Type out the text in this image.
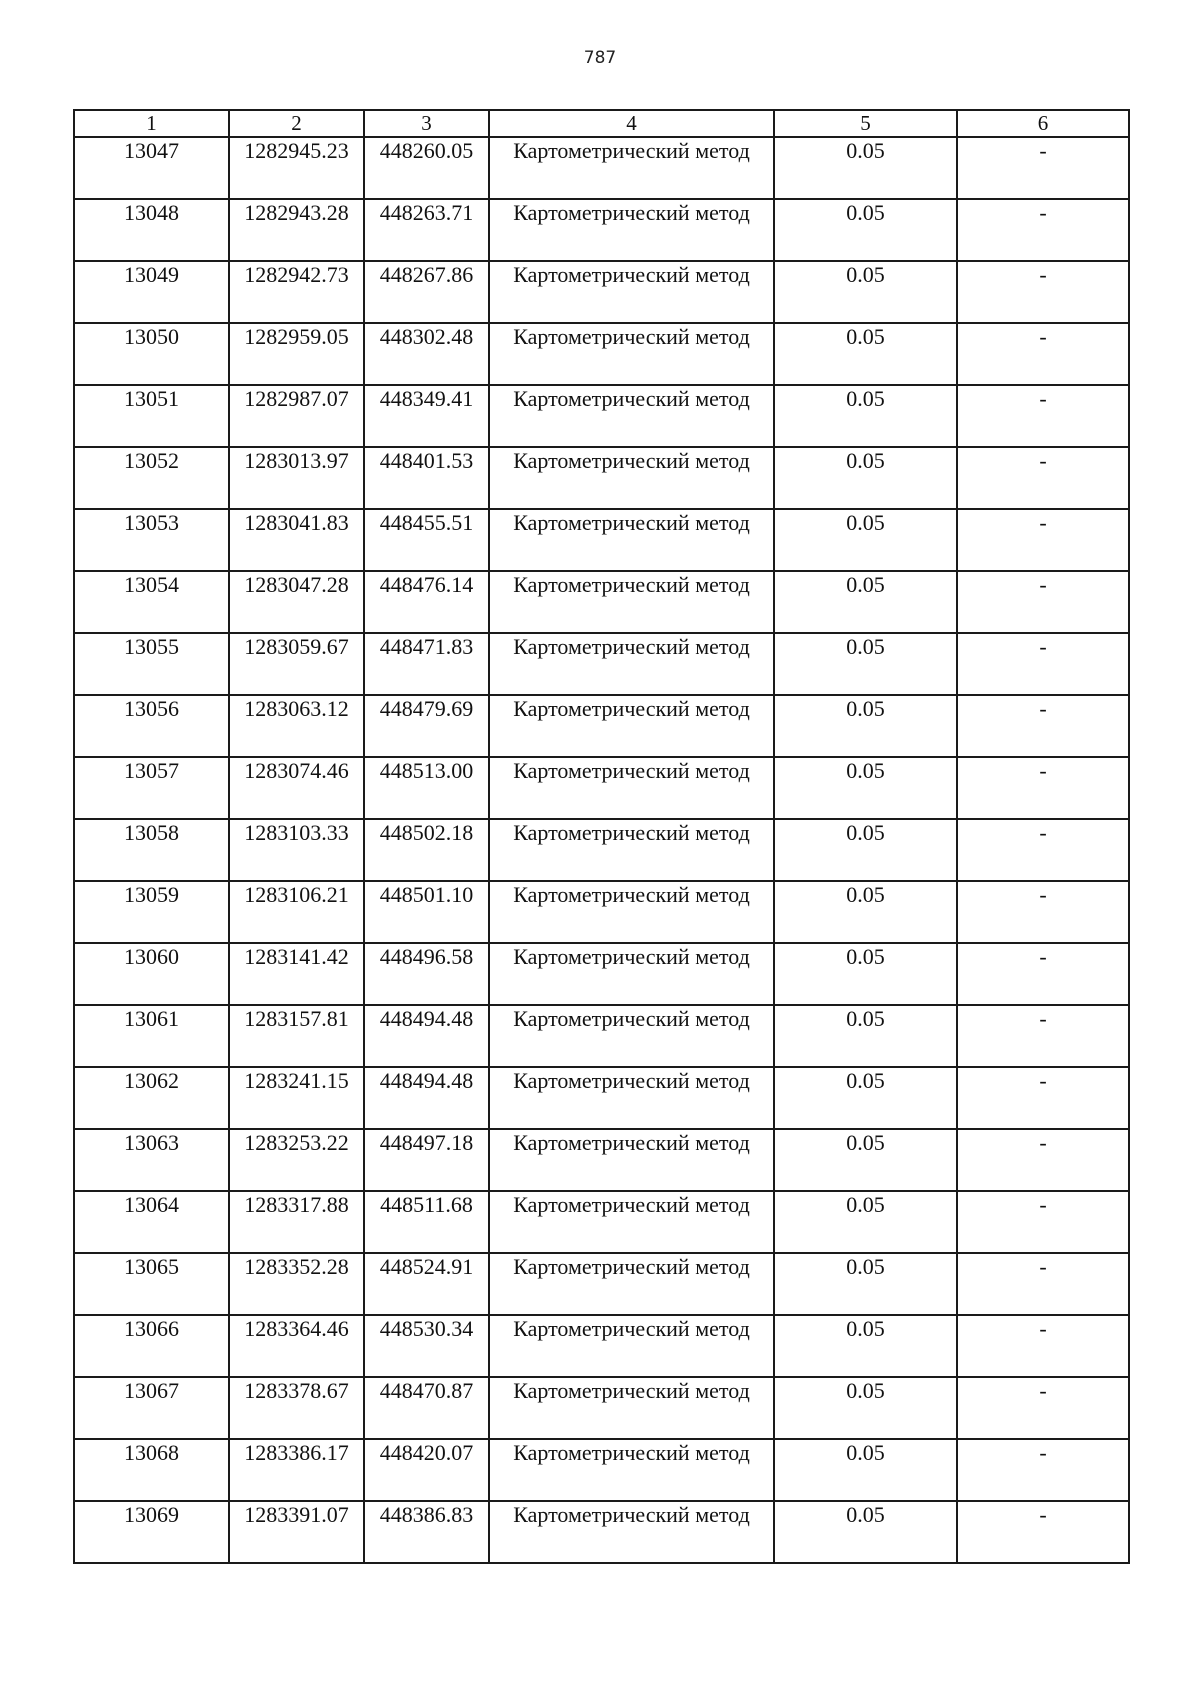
787
1	2	3	4	5	6
13047	1282945.23	448260.05	Картометрический метод	0.05	-
13048	1282943.28	448263.71	Картометрический метод	0.05	-
13049	1282942.73	448267.86	Картометрический метод	0.05	-
13050	1282959.05	448302.48	Картометрический метод	0.05	-
13051	1282987.07	448349.41	Картометрический метод	0.05	-
13052	1283013.97	448401.53	Картометрический метод	0.05	-
13053	1283041.83	448455.51	Картометрический метод	0.05	-
13054	1283047.28	448476.14	Картометрический метод	0.05	-
13055	1283059.67	448471.83	Картометрический метод	0.05	-
13056	1283063.12	448479.69	Картометрический метод	0.05	-
13057	1283074.46	448513.00	Картометрический метод	0.05	-
13058	1283103.33	448502.18	Картометрический метод	0.05	-
13059	1283106.21	448501.10	Картометрический метод	0.05	-
13060	1283141.42	448496.58	Картометрический метод	0.05	-
13061	1283157.81	448494.48	Картометрический метод	0.05	-
13062	1283241.15	448494.48	Картометрический метод	0.05	-
13063	1283253.22	448497.18	Картометрический метод	0.05	-
13064	1283317.88	448511.68	Картометрический метод	0.05	-
13065	1283352.28	448524.91	Картометрический метод	0.05	-
13066	1283364.46	448530.34	Картометрический метод	0.05	-
13067	1283378.67	448470.87	Картометрический метод	0.05	-
13068	1283386.17	448420.07	Картометрический метод	0.05	-
13069	1283391.07	448386.83	Картометрический метод	0.05	-
